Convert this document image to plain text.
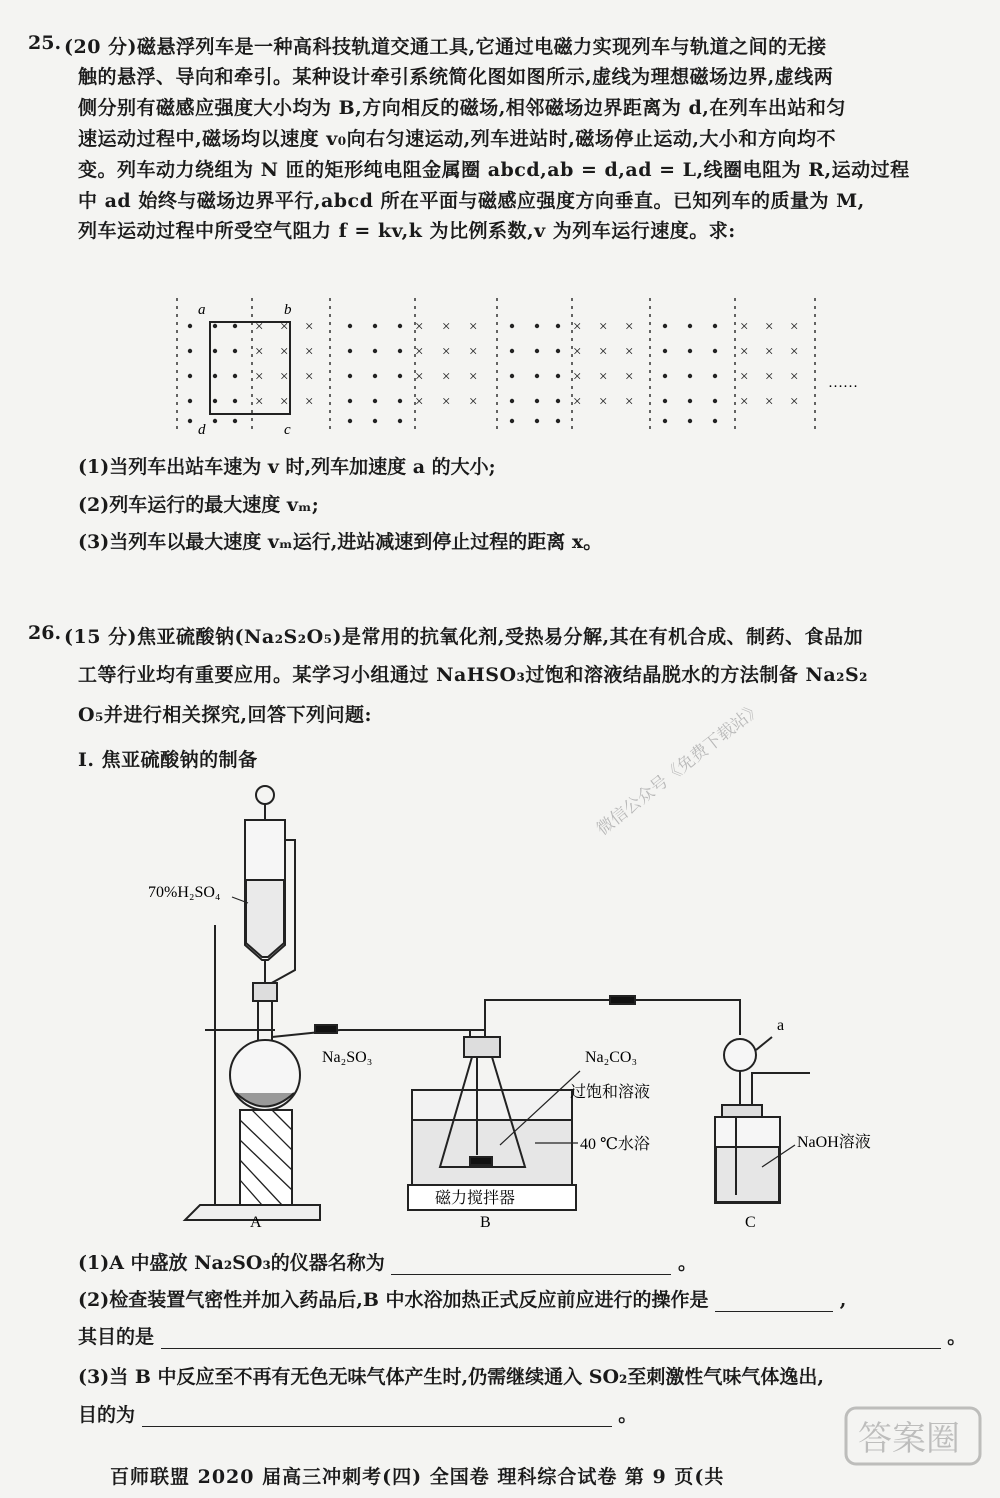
25. (20 分)磁悬浮列车是一种高科技轨道交通工具,它通过电磁力实现列车与轨道之间的无接
触的悬浮、导向和牵引。某种设计牵引系统简化图如图所示,虚线为理想磁场边界,虚线两
侧分别有磁感应强度大小均为 B,方向相反的磁场,相邻磁场边界距离为 d,在列车出站和匀
速运动过程中,磁场均以速度 v₀向右匀速运动,列车进站时,磁场停止运动,大小和方向均不
变。列车动力绕组为 N 匝的矩形纯电阻金属圈 abcd,ab = d,ad = L,线圈电阻为 R,运动过程
中 ad 始终与磁场边界平行,abcd 所在平面与磁感应强度方向垂直。已知列车的质量为 M,
列车运动过程中所受空气阻力 f = kv,k 为比例系数,v 为列车运行速度。求:
×
×
×
×
×
×
×
×
×
×
×
×
×
×
×
×
×
×
×
×
×
×
×
×
×
×
×
×
×
×
×
×
×
×
×
×
×
×
×
×
×
×
×
×
×
×
×
×
a	b
c
d
……
(1)当列车出站车速为 v 时,列车加速度 a 的大小;
(2)列车运行的最大速度 vₘ;
(3)当列车以最大速度 vₘ运行,进站减速到停止过程的距离 x。
26. (15 分)焦亚硫酸钠(Na₂S₂O₅)是常用的抗氧化剂,受热易分解,其在有机合成、制药、食品加
工等行业均有重要应用。某学习小组通过 NaHSO₃过饱和溶液结晶脱水的方法制备 Na₂S₂
O₅并进行相关探究,回答下列问题:
I. 焦亚硫酸钠的制备
70%H₂SO₄
Na₂SO₃	Na₂CO₃
过饱和溶液
40 ℃水浴
磁力搅拌器
NaOH溶液
a
A	B	C
微信公众号《免费下载站》
(1)A 中盛放 Na₂SO₃的仪器名称为	。
(2)检查装置气密性并加入药品后,B 中水浴加热正式反应前应进行的操作是	,
其目的是	。
(3)当 B 中反应至不再有无色无味气体产生时,仍需继续通入 SO₂至刺激性气味气体逸出,
目的为	。
百师联盟 2020 届高三冲刺考(四) 全国卷 理科综合试卷 第 9 页(共
答案圈
